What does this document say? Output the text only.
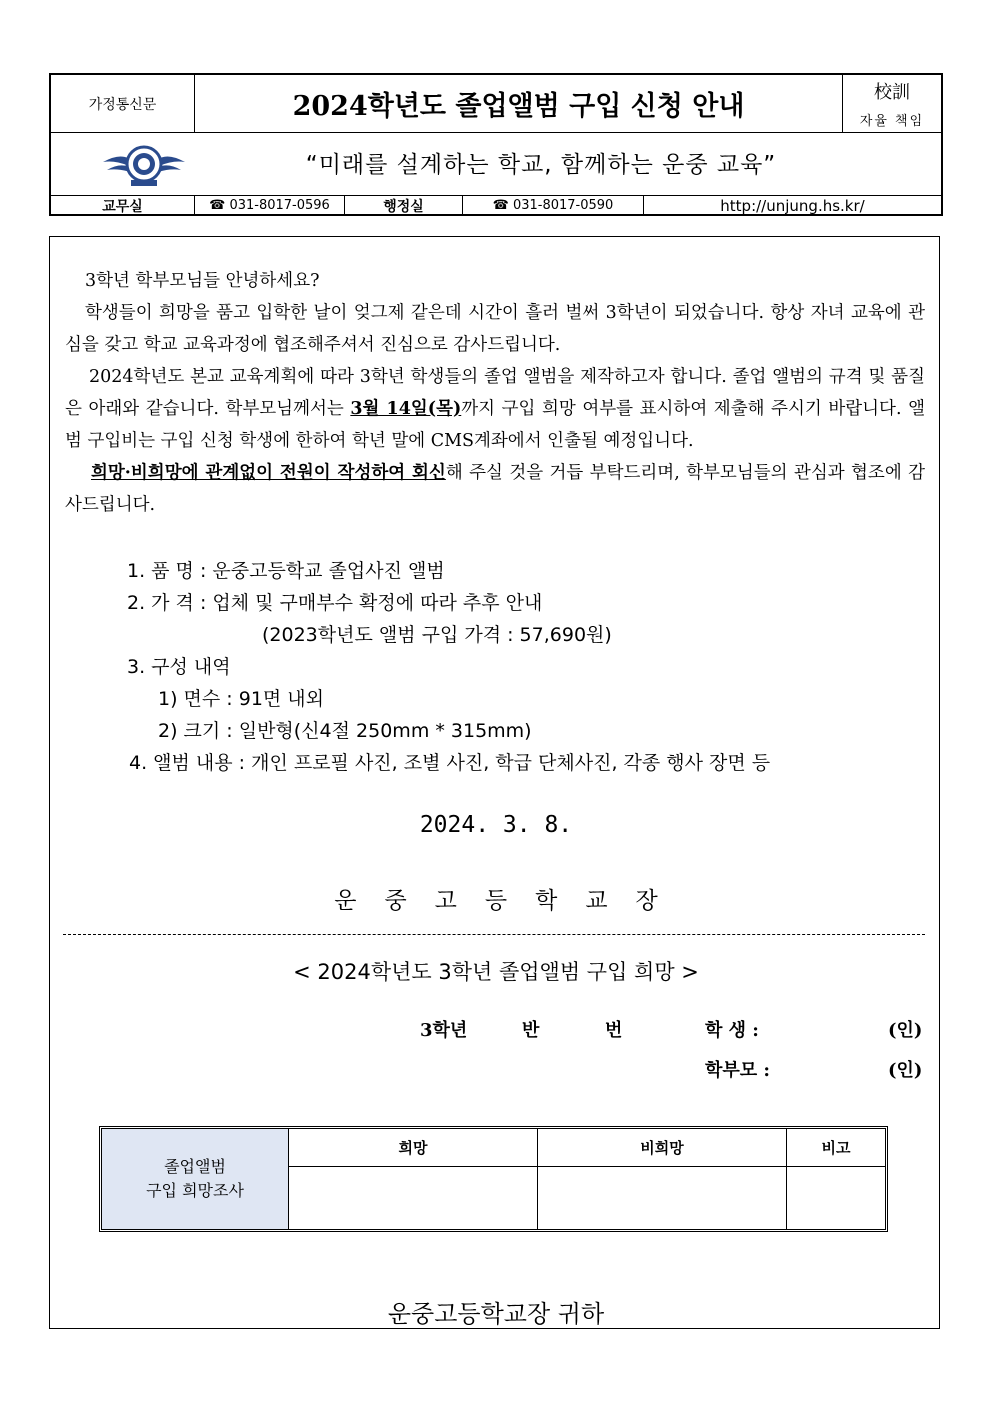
가정통신문	2024학년도 졸업앨범 구입 신청 안내	校訓
자율 책임
“미래를 설계하는 학교, 함께하는 운중 교육”
교무실	☎ 031-8017-0596	행정실	☎ 031-8017-0590	http://unjung.hs.kr/

3학년 학부모님들 안녕하세요?

학생들이 희망을 품고 입학한 날이 엊그제 같은데 시간이 흘러 벌써 3학년이 되었습니다. 항상 자녀 교육에 관심을 갖고 학교 교육과정에 협조해주셔서 진심으로 감사드립니다.

2024학년도 본교 교육계획에 따라 3학년 학생들의 졸업 앨범을 제작하고자 합니다. 졸업 앨범의 규격 및 품질은 아래와 같습니다. 학부모님께서는 3월 14일(목)까지 구입 희망 여부를 표시하여 제출해 주시기 바랍니다. 앨범 구입비는 구입 신청 학생에 한하여 학년 말에 CMS계좌에서 인출될 예정입니다.

희망·비희망에 관계없이 전원이 작성하여 회신해 주실 것을 거듭 부탁드리며, 학부모님들의 관심과 협조에 감사드립니다.

1. 품 명 : 운중고등학교 졸업사진 앨범
2. 가 격 : 업체 및 구매부수 확정에 따라 추후 안내
(2023학년도 앨범 구입 가격 : 57,690원)
3. 구성 내역
1) 면수 : 91면 내외
2) 크기 : 일반형(신4절 250mm * 315mm)
4. 앨범 내용 : 개인 프로필 사진, 조별 사진, 학급 단체사진, 각종 행사 장면 등
2024. 3. 8.
운중고등학교장
< 2024학년도 3학년 졸업앨범 구입 희망 >
3학년	반	번	학 생 :	(인)
학부모 :	(인)
졸업앨범
구입 희망조사
희망	비희망	비고
운중고등학교장 귀하
